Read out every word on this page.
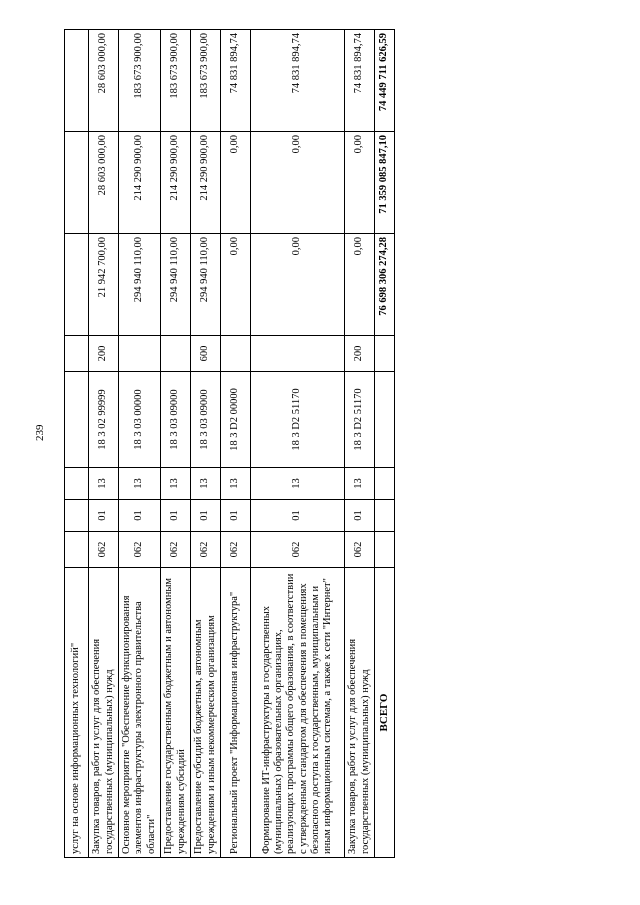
239
услуг на основе информационных технологий"								
Закупка товаров, работ и услуг для обеспечения государственных (муниципальных) нужд	062	01	13	18 3 02 99999	200	21 942 700,00	28 603 000,00	28 603 000,00
Основное мероприятие "Обеспечение функционирования элементов инфраструктуры электронного правительства области"	062	01	13	18 3 03 00000		294 940 110,00	214 290 900,00	183 673 900,00
Предоставление государственным бюджетным и автономным учреждениям субсидий	062	01	13	18 3 03 09000		294 940 110,00	214 290 900,00	183 673 900,00
Предоставление субсидий бюджетным, автономным учреждениям и иным некоммерческим организациям	062	01	13	18 3 03 09000	600	294 940 110,00	214 290 900,00	183 673 900,00
Региональный проект "Информационная инфраструктура"	062	01	13	18 3 D2 00000		0,00	0,00	74 831 894,74
Формирование ИТ-инфраструктуры в государственных (муниципальных) образовательных организациях, реализующих программы общего образования, в соответствии с утвержденным стандартом для обеспечения в помещениях безопасного доступа к государственным, муниципальным и иным информационным системам, а также к сети "Интернет"	062	01	13	18 3 D2 51170		0,00	0,00	74 831 894,74
Закупка товаров, работ и услуг для обеспечения государственных (муниципальных) нужд	062	01	13	18 3 D2 51170	200	0,00	0,00	74 831 894,74
ВСЕГО						76 698 306 274,28	71 359 085 847,10	74 449 711 626,59
